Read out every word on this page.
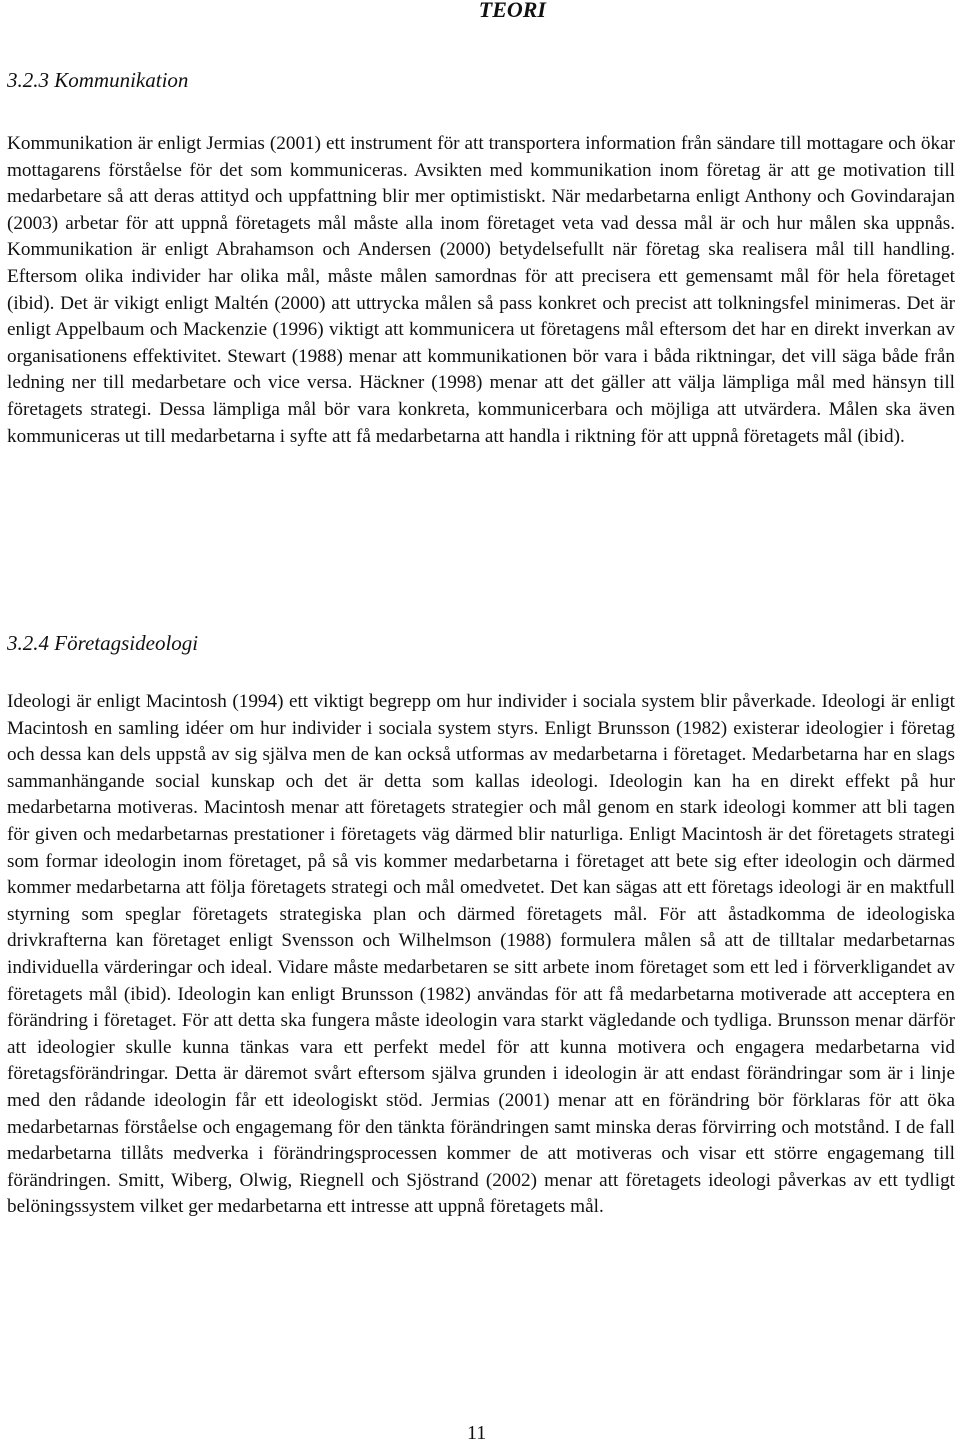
TEORI
3.2.3 Kommunikation

Kommunikation är enligt Jermias (2001) ett instrument för att transportera information från sändare till mottagare och ökar mottagarens förståelse för det som kommuniceras. Avsikten med kommunikation inom företag är att ge motivation till medarbetare så att deras attityd och uppfattning blir mer optimistiskt. När medarbetarna enligt Anthony och Govindarajan (2003) arbetar för att uppnå företagets mål måste alla inom företaget veta vad dessa mål är och hur målen ska uppnås. Kommunikation är enligt Abrahamson och Andersen (2000) betydelsefullt när företag ska realisera mål till handling. Eftersom olika individer har olika mål, måste målen samordnas för att precisera ett gemensamt mål för hela företaget (ibid). Det är vikigt enligt Maltén (2000) att uttrycka målen så pass konkret och precist att tolkningsfel minimeras. Det är enligt Appelbaum och Mackenzie (1996) viktigt att kommunicera ut företagens mål eftersom det har en direkt inverkan av organisationens effektivitet. Stewart (1988) menar att kommunikationen bör vara i båda riktningar, det vill säga både från ledning ner till medarbetare och vice versa. Häckner (1998) menar att det gäller att välja lämpliga mål med hänsyn till företagets strategi. Dessa lämpliga mål bör vara konkreta, kommunicerbara och möjliga att utvärdera. Målen ska även kommuniceras ut till medarbetarna i syfte att få medarbetarna att handla i riktning för att uppnå företagets mål (ibid).

3.2.4 Företagsideologi

Ideologi är enligt Macintosh (1994) ett viktigt begrepp om hur individer i sociala system blir påverkade. Ideologi är enligt Macintosh en samling idéer om hur individer i sociala system styrs. Enligt Brunsson (1982) existerar ideologier i företag och dessa kan dels uppstå av sig själva men de kan också utformas av medarbetarna i företaget. Medarbetarna har en slags sammanhängande social kunskap och det är detta som kallas ideologi. Ideologin kan ha en direkt effekt på hur medarbetarna motiveras. Macintosh menar att företagets strategier och mål genom en stark ideologi kommer att bli tagen för given och medarbetarnas prestationer i företagets väg därmed blir naturliga. Enligt Macintosh är det företagets strategi som formar ideologin inom företaget, på så vis kommer medarbetarna i företaget att bete sig efter ideologin och därmed kommer medarbetarna att följa företagets strategi och mål omedvetet. Det kan sägas att ett företags ideologi är en maktfull styrning som speglar företagets strategiska plan och därmed företagets mål. För att åstadkomma de ideologiska drivkrafterna kan företaget enligt Svensson och Wilhelmson (1988) formulera målen så att de tilltalar medarbetarnas individuella värderingar och ideal. Vidare måste medarbetaren se sitt arbete inom företaget som ett led i förverkligandet av företagets mål (ibid). Ideologin kan enligt Brunsson (1982) användas för att få medarbetarna motiverade att acceptera en förändring i företaget. För att detta ska fungera måste ideologin vara starkt vägledande och tydliga. Brunsson menar därför att ideologier skulle kunna tänkas vara ett perfekt medel för att kunna motivera och engagera medarbetarna vid företagsförändringar. Detta är däremot svårt eftersom själva grunden i ideologin är att endast förändringar som är i linje med den rådande ideologin får ett ideologiskt stöd. Jermias (2001) menar att en förändring bör förklaras för att öka medarbetarnas förståelse och engagemang för den tänkta förändringen samt minska deras förvirring och motstånd. I de fall medarbetarna tillåts medverka i förändringsprocessen kommer de att motiveras och visar ett större engagemang till förändringen. Smitt, Wiberg, Olwig, Riegnell och Sjöstrand (2002) menar att företagets ideologi påverkas av ett tydligt belöningssystem vilket ger medarbetarna ett intresse att uppnå företagets mål.

11
